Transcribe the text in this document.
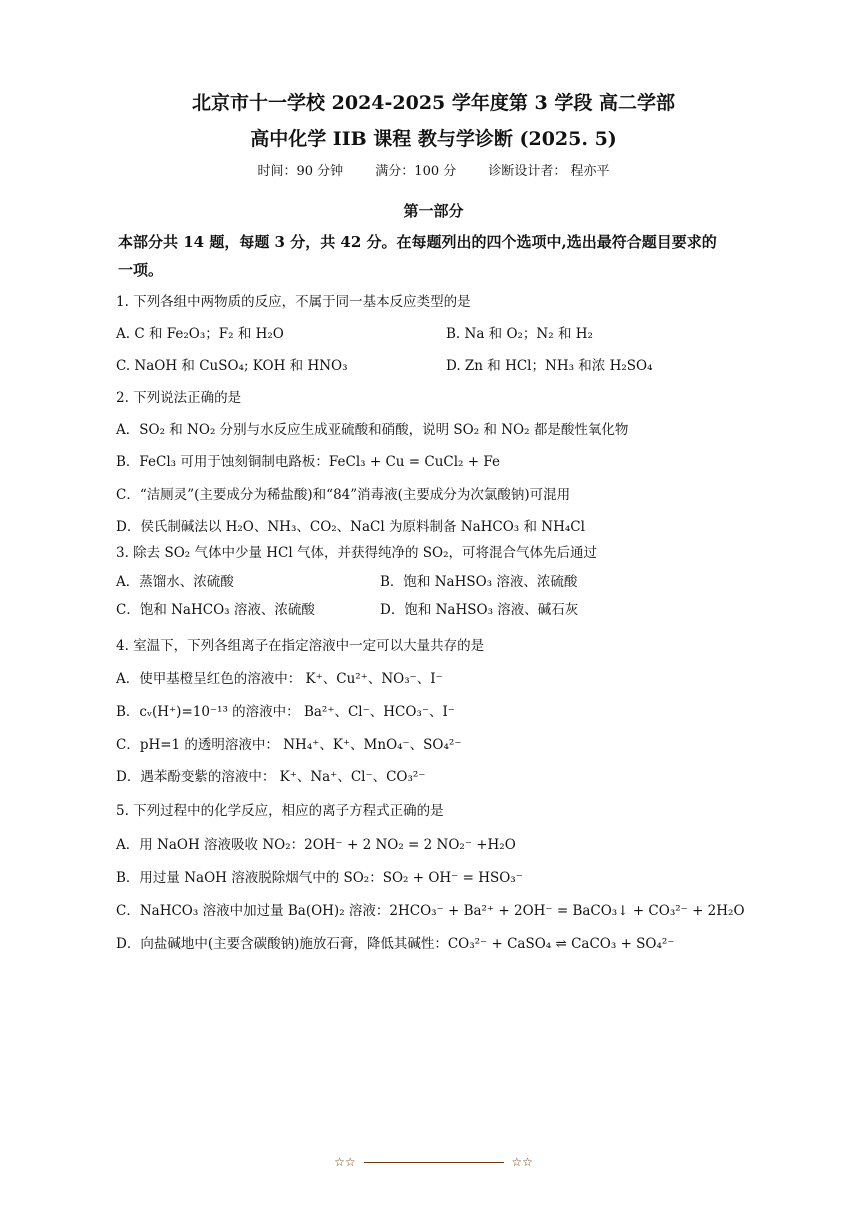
北京市十一学校 2024-2025 学年度第 3 学段 高二学部
高中化学 IIB 课程 教与学诊断 (2025. 5)
时间：90 分钟 满分：100 分 诊断设计者： 程亦平
第一部分
本部分共 14 题，每题 3 分，共 42 分。在每题列出的四个选项中,选出最符合题目要求的一项。
1. 下列各组中两物质的反应，不属于同一基本反应类型的是
A. C 和 Fe₂O₃；F₂ 和 H₂O	B. Na 和 O₂；N₂ 和 H₂
C. NaOH 和 CuSO₄; KOH 和 HNO₃	D. Zn 和 HCl；NH₃ 和浓 H₂SO₄
2. 下列说法正确的是
A．SO₂ 和 NO₂ 分别与水反应生成亚硫酸和硝酸，说明 SO₂ 和 NO₂ 都是酸性氧化物
B．FeCl₃ 可用于蚀刻铜制电路板：FeCl₃ + Cu = CuCl₂ + Fe
C．“洁厕灵”(主要成分为稀盐酸)和“84”消毒液(主要成分为次氯酸钠)可混用
D．侯氏制碱法以 H₂O、NH₃、CO₂、NaCl 为原料制备 NaHCO₃ 和 NH₄Cl
3. 除去 SO₂ 气体中少量 HCl 气体，并获得纯净的 SO₂，可将混合气体先后通过
A．蒸馏水、浓硫酸	B．饱和 NaHSO₃ 溶液、浓硫酸
C．饱和 NaHCO₃ 溶液、浓硫酸	D．饱和 NaHSO₃ 溶液、碱石灰
4. 室温下，下列各组离子在指定溶液中一定可以大量共存的是
A．使甲基橙呈红色的溶液中： K⁺、Cu²⁺、NO₃⁻、I⁻
B．cᵥ(H⁺)=10⁻¹³ 的溶液中： Ba²⁺、Cl⁻、HCO₃⁻、I⁻
C．pH=1 的透明溶液中： NH₄⁺、K⁺、MnO₄⁻、SO₄²⁻
D．遇苯酚变紫的溶液中： K⁺、Na⁺、Cl⁻、CO₃²⁻
5. 下列过程中的化学反应，相应的离子方程式正确的是
A．用 NaOH 溶液吸收 NO₂：2OH⁻ + 2 NO₂ = 2 NO₂⁻ +H₂O
B．用过量 NaOH 溶液脱除烟气中的 SO₂：SO₂ + OH⁻ = HSO₃⁻
C．NaHCO₃ 溶液中加过量 Ba(OH)₂ 溶液：2HCO₃⁻ + Ba²⁺ + 2OH⁻ = BaCO₃↓ + CO₃²⁻ + 2H₂O
D．向盐碱地中(主要含碳酸钠)施放石膏，降低其碱性：CO₃²⁻ + CaSO₄ ⇌ CaCO₃ + SO₄²⁻
☆☆	☆☆
